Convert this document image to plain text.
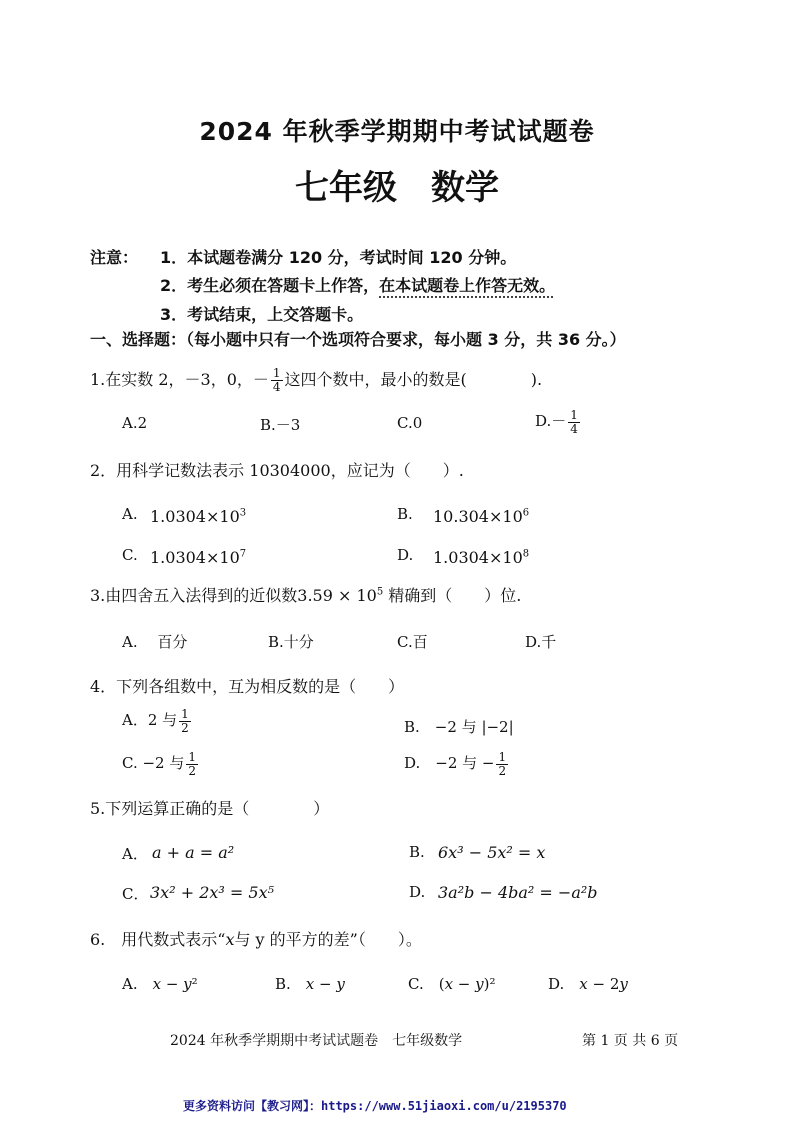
2024 年秋季学期期中考试试题卷
七年级　数学
注意： 1．本试题卷满分 120 分，考试时间 120 分钟。
2．考生必须在答题卡上作答，在本试题卷上作答无效。
3．考试结束，上交答题卡。
一、选择题：（每小题中只有一个选项符合要求，每小题 3 分，共 36 分。）
1.在实数 2，－3，0，－ $\frac{1}{4}$ 这四个数中，最小的数是(　　　　).
A.2	B.－3	C.0	$D.- \frac{1}{4}$
2．用科学记数法表示 10304000，应记为（　　）.
A. $1.0304\times 10^3$	B. $10.304\times 10^6$
C. $1.0304\times 10^7$	D. $1.0304\times 10^8$
3.由四舍五入法得到的近似数$3.59 \times 10^5$ 精确到（　　）位.
A.　 百分	B.十分	C.百	D.千
4．下列各组数中，互为相反数的是（　　）
A．2 与 $\frac{1}{2}$	B.　−2 与 |−2|
C. −2 与 $\frac{1}{2}$	D.　−2 与 − $\frac{1}{2}$
5.下列运算正确的是（　　　　）
A． a + a = a²	B. 6x³ − 5x² = x
C． 3x² + 2x³ = 5x⁵	D. 3a²b − 4ba² = −a²b
6.　用代数式表示“𝑥与 y 的平方的差”（　　）。
A.　𝑥 − 𝑦²	B.　𝑥 − 𝑦	C.　(𝑥 − 𝑦)²	D.　𝑥 − 2𝑦
2024 年秋季学期期中考试试题卷　七年级数学	第 1 页 共 6 页
更多资料访问【教习网】：https://www.51jiaoxi.com/u/2195370
